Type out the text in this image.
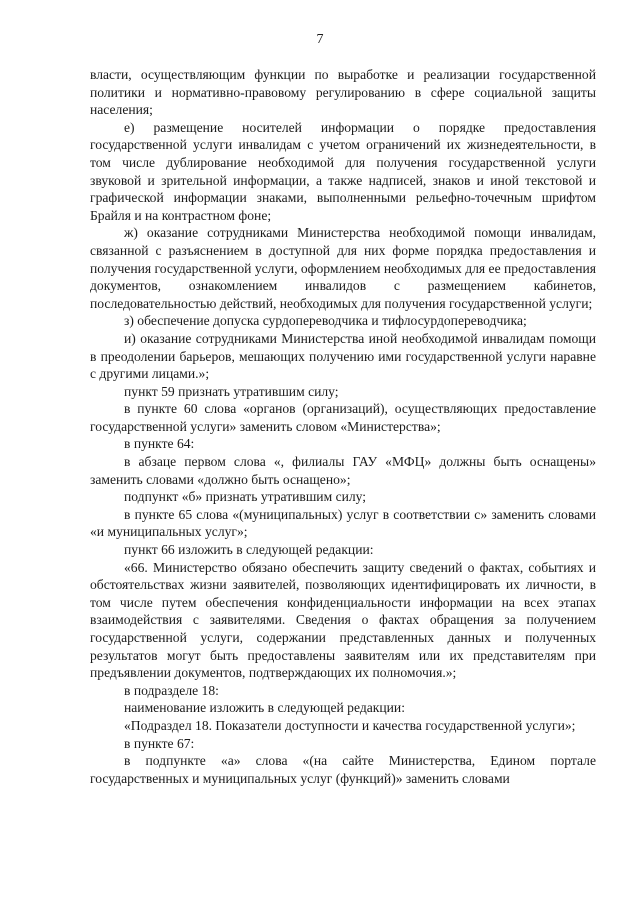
7

власти, осуществляющим функции по выработке и реализации государственной политики и нормативно-правовому регулированию в сфере социальной защиты населения;

е) размещение носителей информации о порядке предоставления государственной услуги инвалидам с учетом ограничений их жизнедеятельности, в том числе дублирование необходимой для получения государственной услуги звуковой и зрительной информации, а также надписей, знаков и иной текстовой и графической информации знаками, выполненными рельефно-точечным шрифтом Брайля и на контрастном фоне;

ж) оказание сотрудниками Министерства необходимой помощи инвалидам, связанной с разъяснением в доступной для них форме порядка предоставления и получения государственной услуги, оформлением необходимых для ее предоставления документов, ознакомлением инвалидов с размещением кабинетов, последовательностью действий, необходимых для получения государственной услуги;

з) обеспечение допуска сурдопереводчика и тифлосурдопереводчика;

и) оказание сотрудниками Министерства иной необходимой инвалидам помощи в преодолении барьеров, мешающих получению ими государственной услуги наравне с другими лицами.»;

пункт 59 признать утратившим силу;

в пункте 60 слова «органов (организаций), осуществляющих предоставление государственной услуги» заменить словом «Министерства»;

в пункте 64:

в абзаце первом слова «, филиалы ГАУ «МФЦ» должны быть оснащены» заменить словами «должно быть оснащено»;

подпункт «б» признать утратившим силу;

в пункте 65 слова «(муниципальных) услуг в соответствии с» заменить словами «и муниципальных услуг»;

пункт 66 изложить в следующей редакции:

«66. Министерство обязано обеспечить защиту сведений о фактах, событиях и обстоятельствах жизни заявителей, позволяющих идентифицировать их личности, в том числе путем обеспечения конфиденциальности информации на всех этапах взаимодействия с заявителями. Сведения о фактах обращения за получением государственной услуги, содержании представленных данных и полученных результатов могут быть предоставлены заявителям или их представителям при предъявлении документов, подтверждающих их полномочия.»;

в подразделе 18:

наименование изложить в следующей редакции:

«Подраздел 18. Показатели доступности и качества государственной услуги»;

в пункте 67:

в подпункте «а» слова «(на сайте Министерства, Едином портале государственных и муниципальных услуг (функций)» заменить словами
